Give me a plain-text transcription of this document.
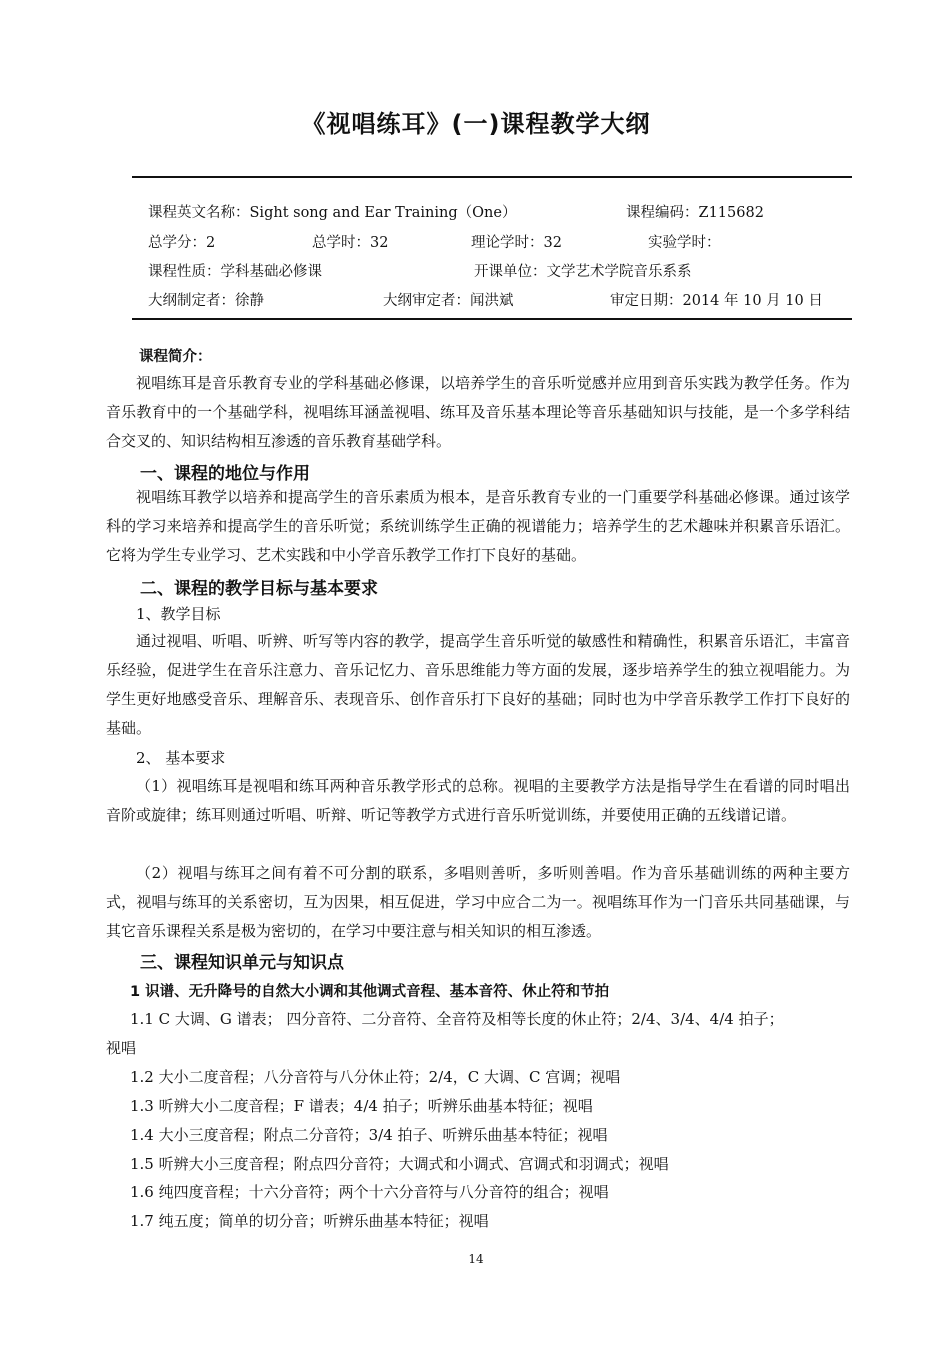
《视唱练耳》(一)课程教学大纲
课程英文名称：Sight song and Ear Training（One）	课程编码：Z115682
总学分：2	总学时：32	理论学时：32	实验学时：
课程性质：学科基础必修课	开课单位：文学艺术学院音乐系系
大纲制定者：徐静	大纲审定者：闻洪斌	审定日期：2014 年 10 月 10 日
课程简介：

视唱练耳是音乐教育专业的学科基础必修课，以培养学生的音乐听觉感并应用到音乐实践为教学任务。作为音乐教育中的一个基础学科，视唱练耳涵盖视唱、练耳及音乐基本理论等音乐基础知识与技能，是一个多学科结合交叉的、知识结构相互渗透的音乐教育基础学科。

一、课程的地位与作用

视唱练耳教学以培养和提高学生的音乐素质为根本，是音乐教育专业的一门重要学科基础必修课。通过该学科的学习来培养和提高学生的音乐听觉；系统训练学生正确的视谱能力；培养学生的艺术趣味并积累音乐语汇。它将为学生专业学习、艺术实践和中小学音乐教学工作打下良好的基础。

二、课程的教学目标与基本要求
1、教学目标

通过视唱、听唱、听辨、听写等内容的教学，提高学生音乐听觉的敏感性和精确性，积累音乐语汇，丰富音乐经验，促进学生在音乐注意力、音乐记忆力、音乐思维能力等方面的发展，逐步培养学生的独立视唱能力。为学生更好地感受音乐、理解音乐、表现音乐、创作音乐打下良好的基础；同时也为中学音乐教学工作打下良好的基础。

2、 基本要求

（1）视唱练耳是视唱和练耳两种音乐教学形式的总称。视唱的主要教学方法是指导学生在看谱的同时唱出音阶或旋律；练耳则通过听唱、听辩、听记等教学方式进行音乐听觉训练，并要使用正确的五线谱记谱。

（2）视唱与练耳之间有着不可分割的联系，多唱则善听，多听则善唱。作为音乐基础训练的两种主要方式，视唱与练耳的关系密切，互为因果，相互促进，学习中应合二为一。视唱练耳作为一门音乐共同基础课，与其它音乐课程关系是极为密切的，在学习中要注意与相关知识的相互渗透。

三、课程知识单元与知识点
1 识谱、无升降号的自然大小调和其他调式音程、基本音符、休止符和节拍
1.1 C 大调、G 谱表； 四分音符、二分音符、全音符及相等长度的休止符；2/4、3/4、4/4 拍子；
视唱
1.2 大小二度音程；八分音符与八分休止符；2/4，C 大调、C 宫调；视唱
1.3 听辨大小二度音程；F 谱表；4/4 拍子；听辨乐曲基本特征；视唱
1.4 大小三度音程；附点二分音符；3/4 拍子、听辨乐曲基本特征；视唱
1.5 听辨大小三度音程；附点四分音符；大调式和小调式、宫调式和羽调式；视唱
1.6 纯四度音程；十六分音符；两个十六分音符与八分音符的组合；视唱
1.7 纯五度；简单的切分音；听辨乐曲基本特征；视唱
14
